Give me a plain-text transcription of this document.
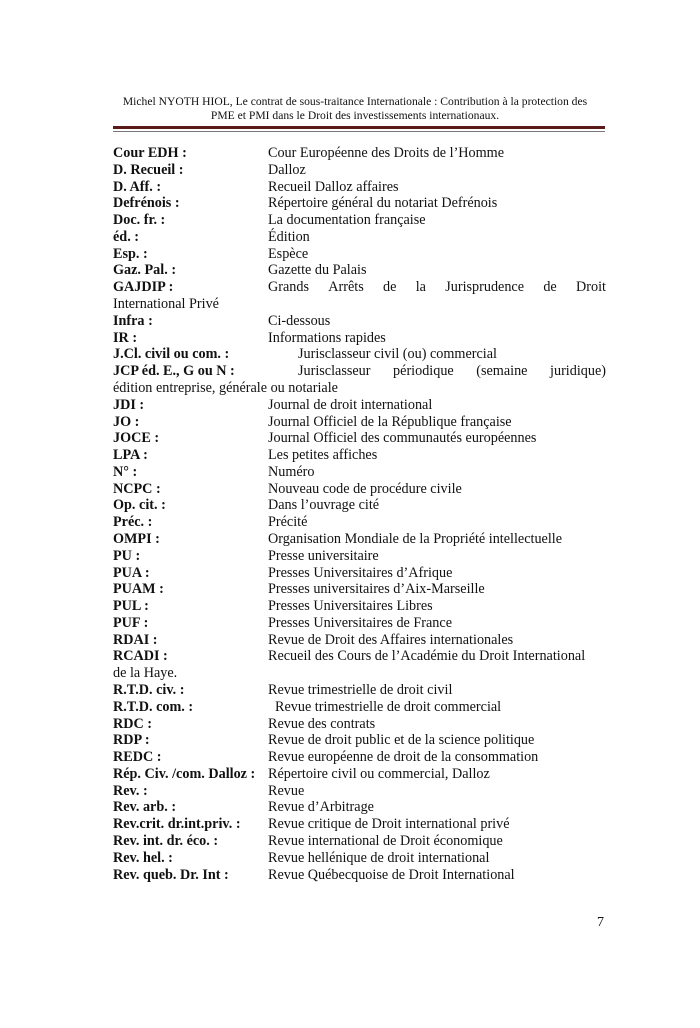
Michel NYOTH HIOL, Le contrat de sous-traitance Internationale : Contribution à la protection des
PME et PMI dans le Droit des investissements internationaux.
Cour EDH :	Cour Européenne des Droits de l’Homme
D. Recueil :	Dalloz
D. Aff. :	Recueil Dalloz affaires
Defrénois :	Répertoire général du notariat Defrénois
Doc. fr. :	La documentation française
éd. :	Édition
Esp. :	Espèce
Gaz. Pal. :	Gazette du Palais
GAJDIP :	Grands Arrêts de la Jurisprudence de Droit
International Privé
Infra :	Ci-dessous
IR :	Informations rapides
J.Cl. civil ou com. :	Jurisclasseur civil (ou) commercial
JCP éd. E., G ou N :	Jurisclasseur périodique (semaine juridique)
édition entreprise, générale ou notariale
JDI :	Journal de droit international
JO :	Journal Officiel de la République française
JOCE :	Journal Officiel des communautés européennes
LPA :	Les petites affiches
N° :	Numéro
NCPC :	Nouveau code de procédure civile
Op. cit. :	Dans l’ouvrage cité
Préc. :	Précité
OMPI :	Organisation Mondiale de la Propriété intellectuelle
PU :	Presse universitaire
PUA :	Presses Universitaires d’Afrique
PUAM :	Presses universitaires d’Aix-Marseille
PUL :	Presses Universitaires Libres
PUF :	Presses Universitaires de France
RDAI :	Revue de Droit des Affaires internationales
RCADI :	Recueil des Cours de l’Académie du Droit International
de la Haye.
R.T.D. civ. :	Revue trimestrielle de droit civil
R.T.D. com. :	Revue trimestrielle de droit commercial
RDC :	Revue des contrats
RDP :	Revue de droit public et de la science politique
REDC :	Revue européenne de droit de la consommation
Rép. Civ. /com. Dalloz : Répertoire civil ou commercial, Dalloz
Rev. :	Revue
Rev. arb. :	Revue d’Arbitrage
Rev.crit. dr.int.priv. : Revue critique de Droit international privé
Rev. int. dr. éco. :	Revue international de Droit économique
Rev. hel. :	Revue hellénique de droit international
Rev. queb. Dr. Int :	Revue Québecquoise de Droit International
7
